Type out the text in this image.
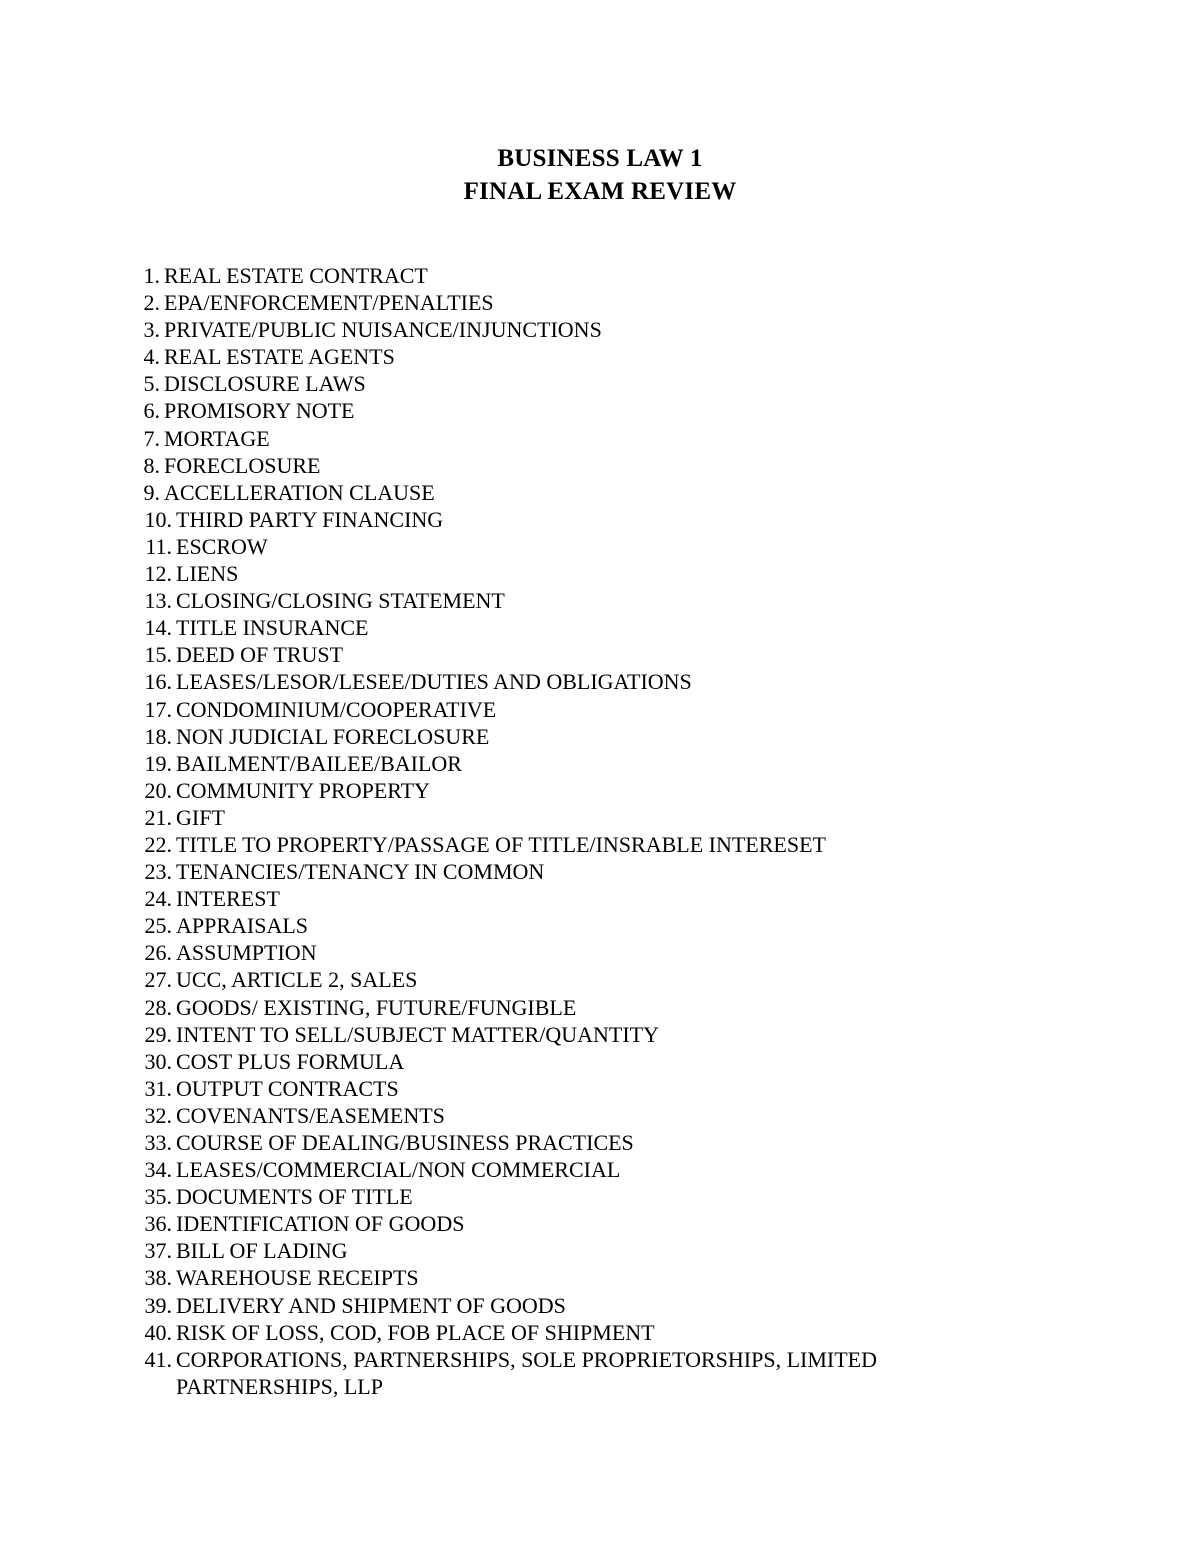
BUSINESS LAW 1
FINAL EXAM REVIEW
1. REAL ESTATE CONTRACT
2. EPA/ENFORCEMENT/PENALTIES
3. PRIVATE/PUBLIC NUISANCE/INJUNCTIONS
4. REAL ESTATE AGENTS
5. DISCLOSURE LAWS
6. PROMISORY NOTE
7. MORTAGE
8. FORECLOSURE
9. ACCELLERATION CLAUSE
10. THIRD PARTY FINANCING
11. ESCROW
12. LIENS
13. CLOSING/CLOSING STATEMENT
14. TITLE INSURANCE
15. DEED OF TRUST
16. LEASES/LESOR/LESEE/DUTIES AND OBLIGATIONS
17. CONDOMINIUM/COOPERATIVE
18. NON JUDICIAL FORECLOSURE
19. BAILMENT/BAILEE/BAILOR
20. COMMUNITY PROPERTY
21. GIFT
22. TITLE TO PROPERTY/PASSAGE OF TITLE/INSRABLE INTERESET
23. TENANCIES/TENANCY IN COMMON
24. INTEREST
25. APPRAISALS
26. ASSUMPTION
27. UCC, ARTICLE 2, SALES
28. GOODS/ EXISTING, FUTURE/FUNGIBLE
29. INTENT TO SELL/SUBJECT MATTER/QUANTITY
30. COST PLUS FORMULA
31. OUTPUT CONTRACTS
32. COVENANTS/EASEMENTS
33. COURSE OF DEALING/BUSINESS PRACTICES
34. LEASES/COMMERCIAL/NON COMMERCIAL
35. DOCUMENTS OF TITLE
36. IDENTIFICATION OF GOODS
37. BILL OF LADING
38. WAREHOUSE RECEIPTS
39. DELIVERY AND SHIPMENT OF GOODS
40. RISK OF LOSS, COD, FOB PLACE OF SHIPMENT
41. CORPORATIONS, PARTNERSHIPS, SOLE PROPRIETORSHIPS, LIMITED PARTNERSHIPS, LLP
